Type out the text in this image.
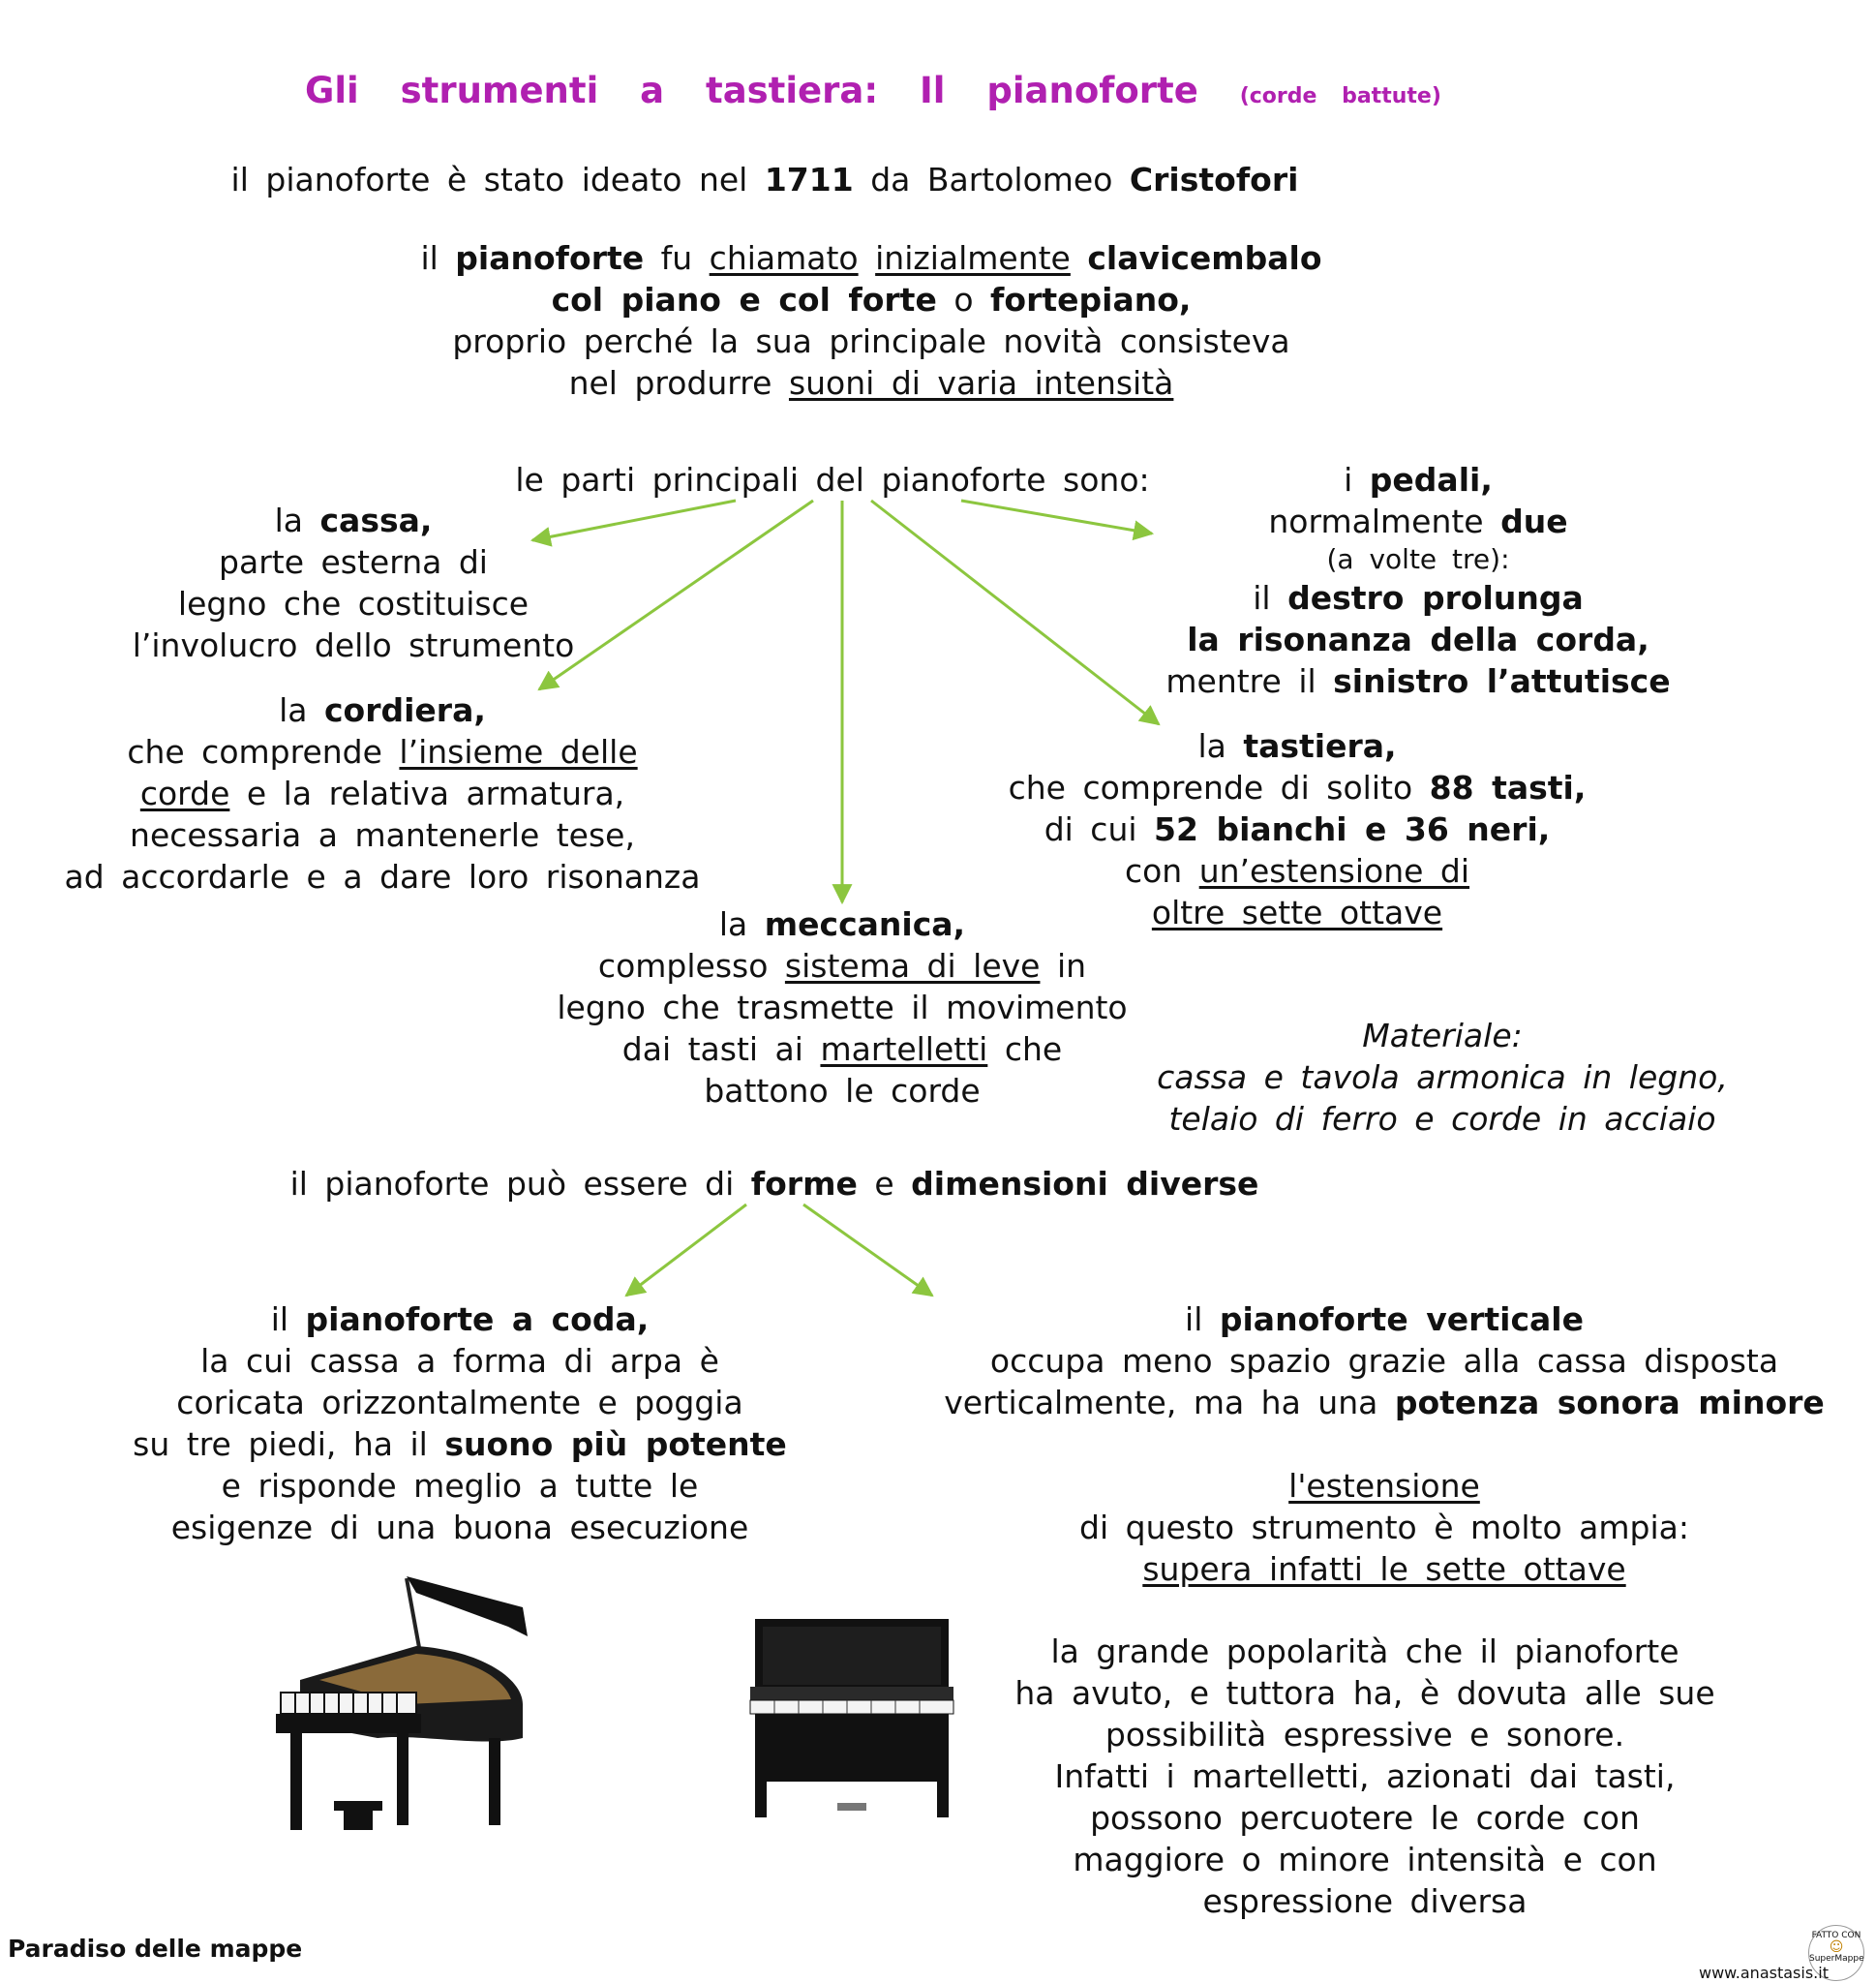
Gli strumenti a tastiera: Il pianoforte (corde battute)
il pianoforte è stato ideato nel 1711 da Bartolomeo Cristofori
il pianoforte fu chiamato inizialmente clavicembalo
col piano e col forte o fortepiano,
proprio perché la sua principale novità consisteva
nel produrre suoni di varia intensità
le parti principali del pianoforte sono:
la cassa,
parte esterna di
legno che costituisce
l’involucro dello strumento
la cordiera,
che comprende l’insieme delle
corde e la relativa armatura,
necessaria a mantenerle tese,
ad accordarle e a dare loro risonanza
la meccanica,
complesso sistema di leve in
legno che trasmette il movimento
dai tasti ai martelletti che
battono le corde
i pedali,
normalmente due
(a volte tre):
il destro prolunga
la risonanza della corda,
mentre il sinistro l’attutisce
la tastiera,
che comprende di solito 88 tasti,
di cui 52 bianchi e 36 neri,
con un’estensione di
oltre sette ottave
Materiale:
cassa e tavola armonica in legno,
telaio di ferro e corde in acciaio
il pianoforte può essere di forme e dimensioni diverse
il pianoforte a coda,
la cui cassa a forma di arpa è
coricata orizzontalmente e poggia
su tre piedi, ha il suono più potente
e risponde meglio a tutte le
esigenze di una buona esecuzione
il pianoforte verticale
occupa meno spazio grazie alla cassa disposta
verticalmente, ma ha una potenza sonora minore
l'estensione
di questo strumento è molto ampia:
supera infatti le sette ottave
la grande popolarità che il pianoforte
ha avuto, e tuttora ha, è dovuta alle sue
possibilità espressive e sonore.
Infatti i martelletti, azionati dai tasti,
possono percuotere le corde con
maggiore o minore intensità e con
espressione diversa
Paradiso delle mappe	FATTO CON
☺
SuperMappe
www.anastasis.it
